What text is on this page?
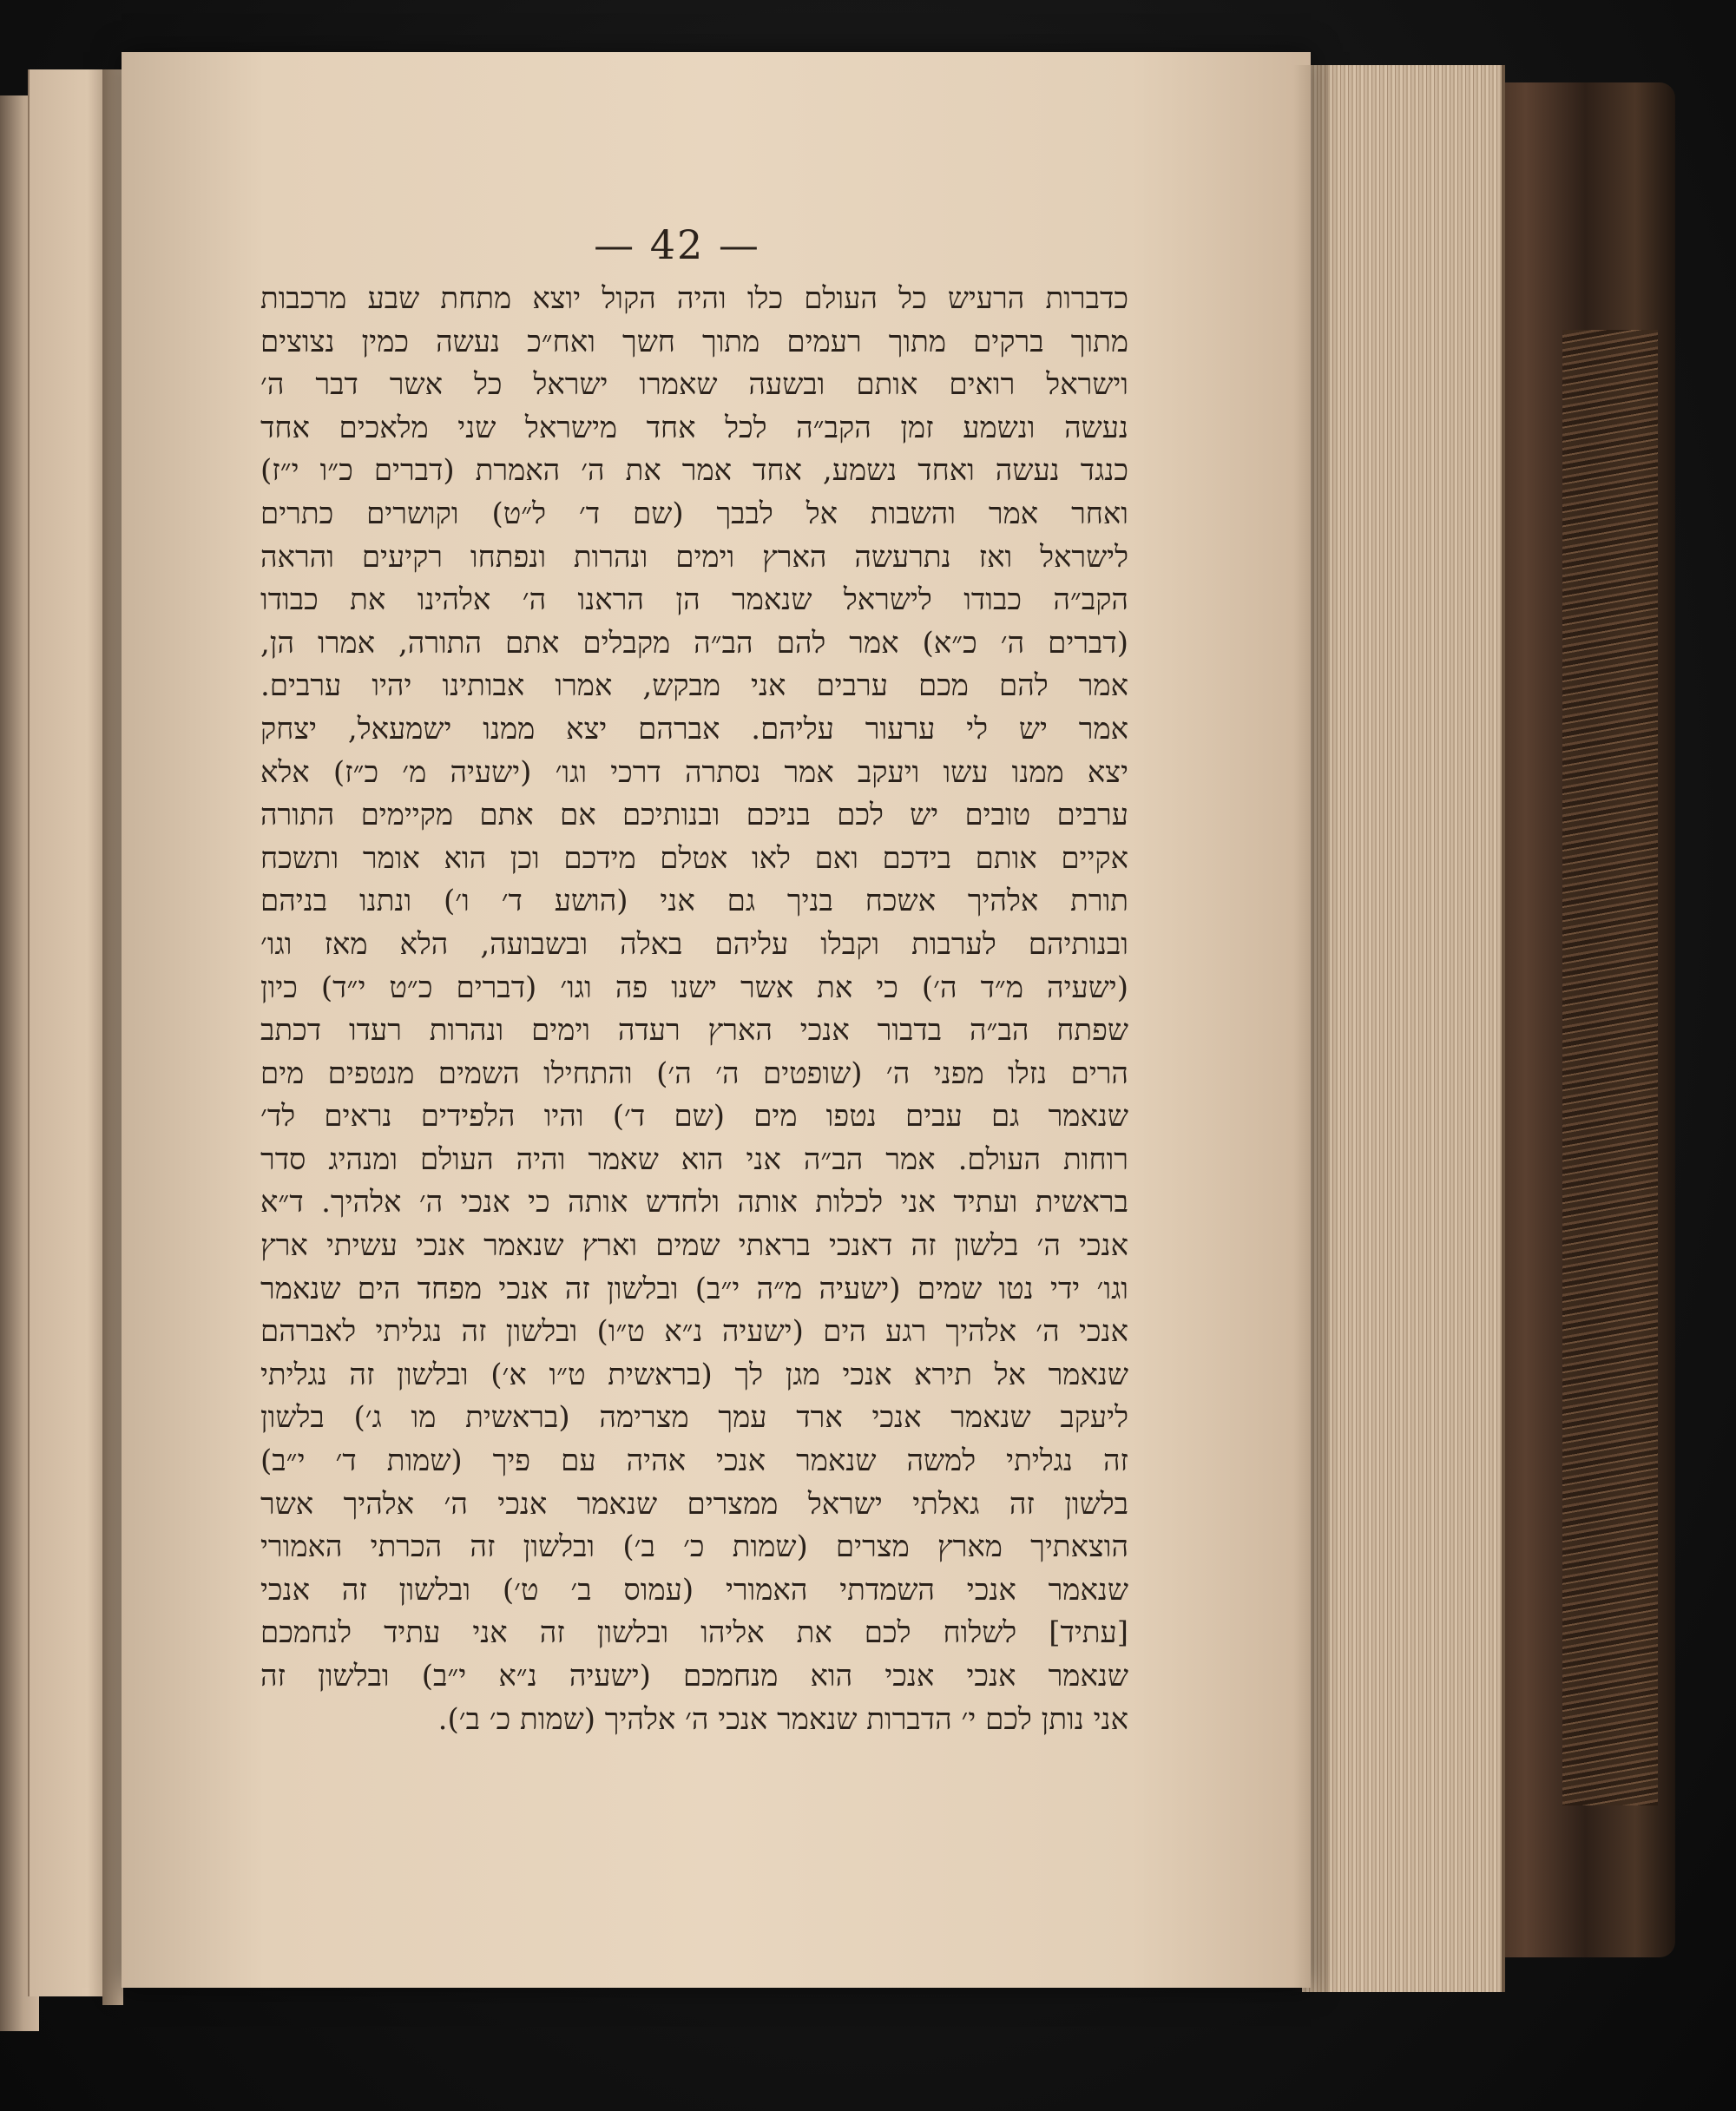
— 42 —
כדברות הרעיש כל העולם כלו והיה הקול יוצא מתחת שבע מרכבות
מתוך ברקים מתוך רעמים מתוך חשך ואח״כ נעשה כמין נצוצים
וישראל רואים אותם ובשעה שאמרו ישראל כל אשר דבר ה׳
נעשה ונשמע זמן הקב״ה לכל אחד מישראל שני מלאכים אחד
כנגד נעשה ואחד נשמע, אחד אמר את ה׳ האמרת (דברים כ״ו י״ז)
ואחר אמר והשבות אל לבבך (שם ד׳ ל״ט) וקושרים כתרים
לישראל ואז נתרעשה הארץ וימים ונהרות ונפתחו רקיעים והראה
הקב״ה כבודו לישראל שנאמר הן הראנו ה׳ אלהינו את כבודו
(דברים ה׳ כ״א) אמר להם הב״ה מקבלים אתם התורה, אמרו הן,
אמר להם מכם ערבים אני מבקש, אמרו אבותינו יהיו ערבים.
אמר יש לי ערעור עליהם. אברהם יצא ממנו ישמעאל, יצחק
יצא ממנו עשו ויעקב אמר נסתרה דרכי וגו׳ (ישעיה מ׳ כ״ז) אלא
ערבים טובים יש לכם בניכם ובנותיכם אם אתם מקיימים התורה
אקיים אותם בידכם ואם לאו אטלם מידכם וכן הוא אומר ותשכח
תורת אלהיך אשכח בניך גם אני (הושע ד׳ ו׳) ונתנו בניהם
ובנותיהם לערבות וקבלו עליהם באלה ובשבועה, הלא מאז וגו׳
(ישעיה מ״ד ה׳) כי את אשר ישנו פה וגו׳ (דברים כ״ט י״ד) כיון
שפתח הב״ה בדבור אנכי הארץ רעדה וימים ונהרות רעדו דכתב
הרים נזלו מפני ה׳ (שופטים ה׳ ה׳) והתחילו השמים מנטפים מים
שנאמר גם עבים נטפו מים (שם ד׳) והיו הלפידים נראים לד׳
רוחות העולם. אמר הב״ה אני הוא שאמר והיה העולם ומנהיג סדר
בראשית ועתיד אני לכלות אותה ולחדש אותה כי אנכי ה׳ אלהיך. ד״א
אנכי ה׳ בלשון זה דאנכי בראתי שמים וארץ שנאמר אנכי עשיתי ארץ
וגו׳ ידי נטו שמים (ישעיה מ״ה י״ב) ובלשון זה אנכי מפחד הים שנאמר
אנכי ה׳ אלהיך רגע הים (ישעיה נ״א ט״ו) ובלשון זה נגליתי לאברהם
שנאמר אל תירא אנכי מגן לך (בראשית ט״ו א׳) ובלשון זה נגליתי
ליעקב שנאמר אנכי ארד עמך מצרימה (בראשית מו ג׳) בלשון
זה נגליתי למשה שנאמר אנכי אהיה עם פיך (שמות ד׳ י״ב)
בלשון זה גאלתי ישראל ממצרים שנאמר אנכי ה׳ אלהיך אשר
הוצאתיך מארץ מצרים (שמות כ׳ ב׳) ובלשון זה הכרתי האמורי
שנאמר אנכי השמדתי האמורי (עמוס ב׳ ט׳) ובלשון זה אנכי
[עתיד] לשלוח לכם את אליהו ובלשון זה אני עתיד לנחמכם
שנאמר אנכי אנכי הוא מנחמכם (ישעיה נ״א י״ב) ובלשון זה
אני נותן לכם י׳ הדברות שנאמר אנכי ה׳ אלהיך (שמות כ׳ ב׳).
